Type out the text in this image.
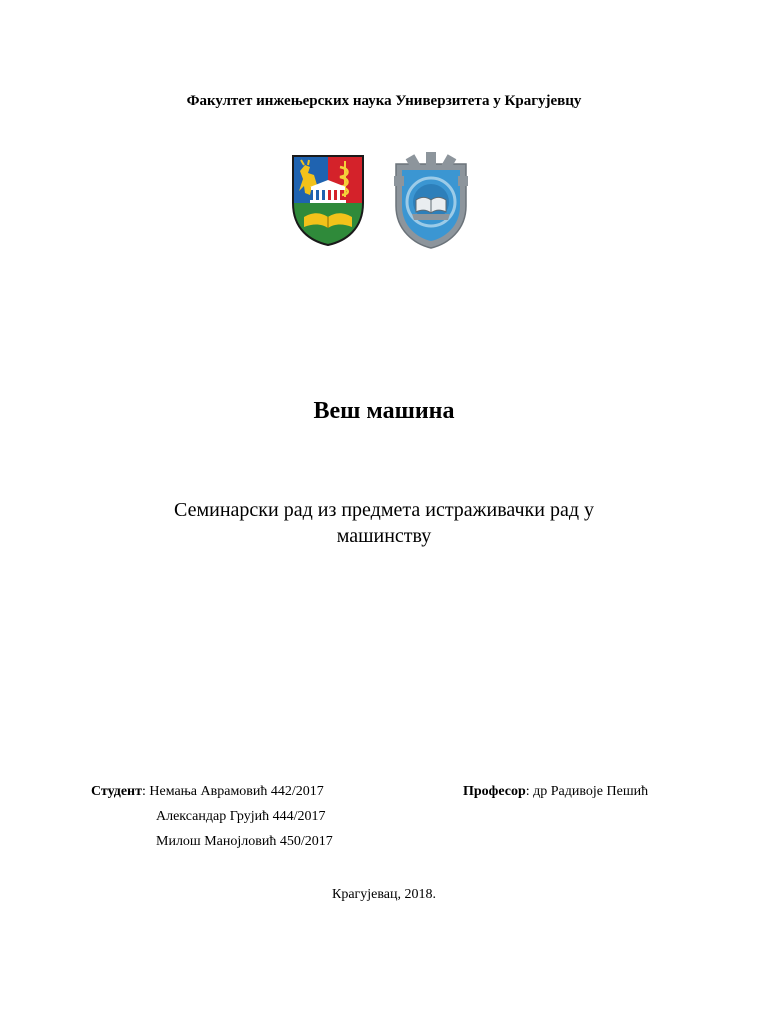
Факултет инжењерских наука Универзитета у Крагујевцу
Веш машина
Семинарски рад из предмета истраживачки рад у машинству
Студент: Немања Аврамовић 442/2017
Александар Грујић 444/2017
Милош Манојловић 450/2017
Професор: др Радивоје Пешић
Крагујевац, 2018.
